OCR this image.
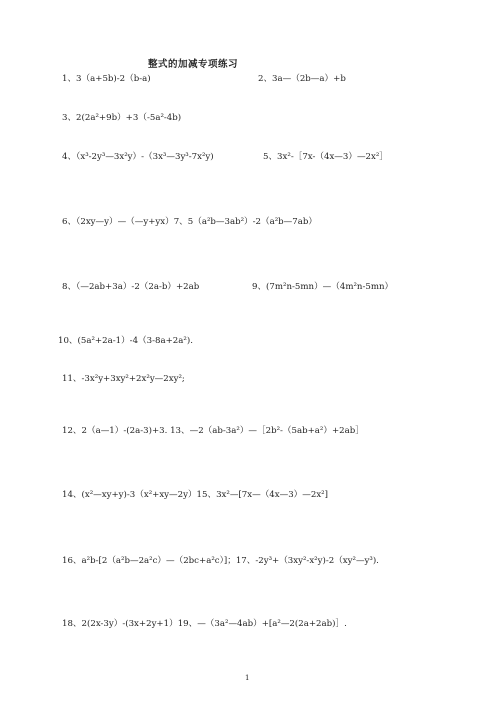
整式的加减专项练习
1、3（a+5b)-2（b-a)	2、3a—（2b—a）+b
3、2(2a²+9b）+3（-5a²-4b)
4、（x³-2y³—3x²y）-（3x³—3y³-7x²y)	5、3x²-［7x-（4x—3）—2x²］
6、（2xy—y）—（—y+yx）7、5（a²b—3ab²）-2（a²b—7ab）
8、（—2ab+3a）-2（2a-b）+2ab	9、(7m²n-5mn）—（4m²n-5mn）
10、(5a²+2a-1）-4（3-8a+2a²).
11、-3x²y+3xy²+2x²y—2xy²;
12、2（a—1）-(2a-3)+3. 13、—2（ab-3a²）—［2b²-（5ab+a²）+2ab］
14、(x²—xy+y)-3（x²+xy—2y）15、3x²—[7x—（4x—3）—2x²]
16、a²b-[2（a²b—2a²c）—（2bc+a²c）]；17、-2y³+（3xy²-x²y)-2（xy²—y³).
18、2(2x-3y）-(3x+2y+1）19、—（3a²—4ab）+[a²—2(2a+2ab)］.
1
